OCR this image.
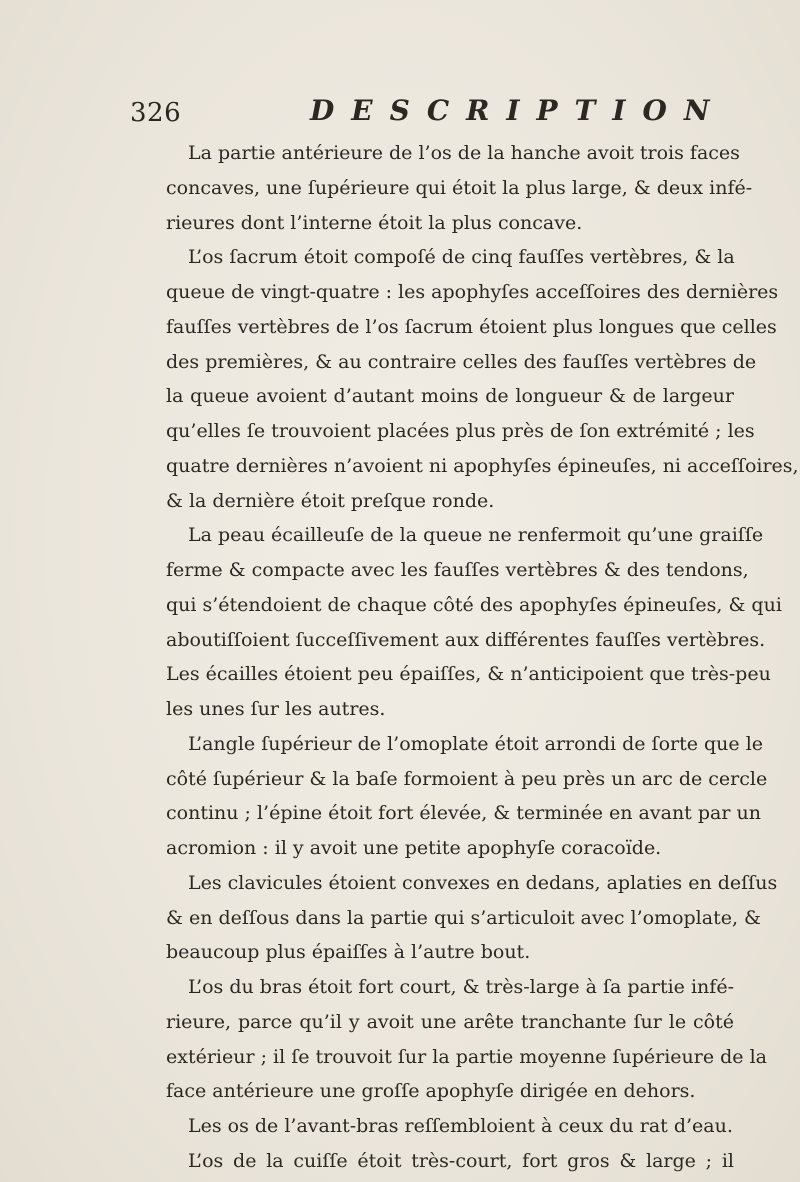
326	DESCRIPTION
La partie antérieure de l’os de la hanche avoit trois faces
concaves, une ſupérieure qui étoit la plus large, & deux infé-
rieures dont l’interne étoit la plus concave.
L’os ſacrum étoit compoſé de cinq fauſſes vertèbres, & la
queue de vingt-quatre : les apophyſes acceſſoires des dernières
fauſſes vertèbres de l’os ſacrum étoient plus longues que celles
des premières, & au contraire celles des fauſſes vertèbres de
la queue avoient d’autant moins de longueur & de largeur
qu’elles ſe trouvoient placées plus près de ſon extrémité ; les
quatre dernières n’avoient ni apophyſes épineuſes, ni acceſſoires,
& la dernière étoit preſque ronde.
La peau écailleuſe de la queue ne renfermoit qu’une graiſſe
ferme & compacte avec les fauſſes vertèbres & des tendons,
qui s’étendoient de chaque côté des apophyſes épineuſes, & qui
aboutiſſoient ſucceſſivement aux différentes fauſſes vertèbres.
Les écailles étoient peu épaiſſes, & n’anticipoient que très-peu
les unes ſur les autres.
L’angle ſupérieur de l’omoplate étoit arrondi de ſorte que le
côté ſupérieur & la baſe formoient à peu près un arc de cercle
continu ; l’épine étoit fort élevée, & terminée en avant par un
acromion : il y avoit une petite apophyſe coracoïde.
Les clavicules étoient convexes en dedans, aplaties en deſſus
& en deſſous dans la partie qui s’articuloit avec l’omoplate, &
beaucoup plus épaiſſes à l’autre bout.
L’os du bras étoit fort court, & très-large à ſa partie infé-
rieure, parce qu’il y avoit une arête tranchante ſur le côté
extérieur ; il ſe trouvoit ſur la partie moyenne ſupérieure de la
face antérieure une groſſe apophyſe dirigée en dehors.
Les os de l’avant-bras reſſembloient à ceux du rat d’eau.
L’os de la cuiſſe étoit très-court, fort gros & large ; il
